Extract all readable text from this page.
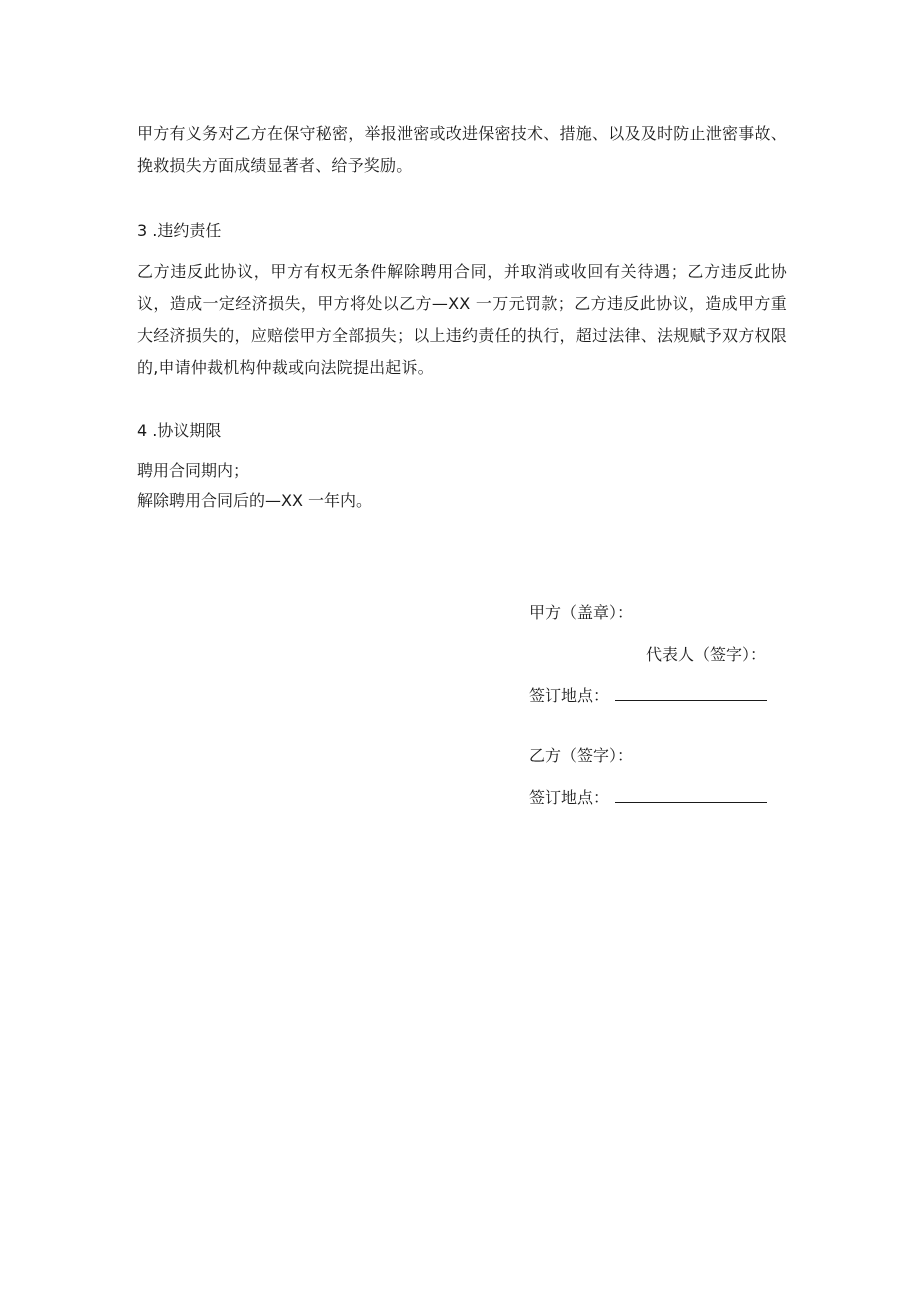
甲方有义务对乙方在保守秘密，举报泄密或改进保密技术、措施、以及及时防止泄密事故、挽救损失方面成绩显著者、给予奖励。

3 .违约责任

乙方违反此协议，甲方有权无条件解除聘用合同，并取消或收回有关待遇；乙方违反此协议，造成一定经济损失，甲方将处以乙方—XX 一万元罚款；乙方违反此协议，造成甲方重大经济损失的，应赔偿甲方全部损失；以上违约责任的执行，超过法律、法规赋予双方权限的,申请仲裁机构仲裁或向法院提出起诉。

4 .协议期限

聘用合同期内；

解除聘用合同后的—XX 一年内。

甲方（盖章）：

代表人（签字）：

签订地点：

乙方（签字）：

签订地点：
